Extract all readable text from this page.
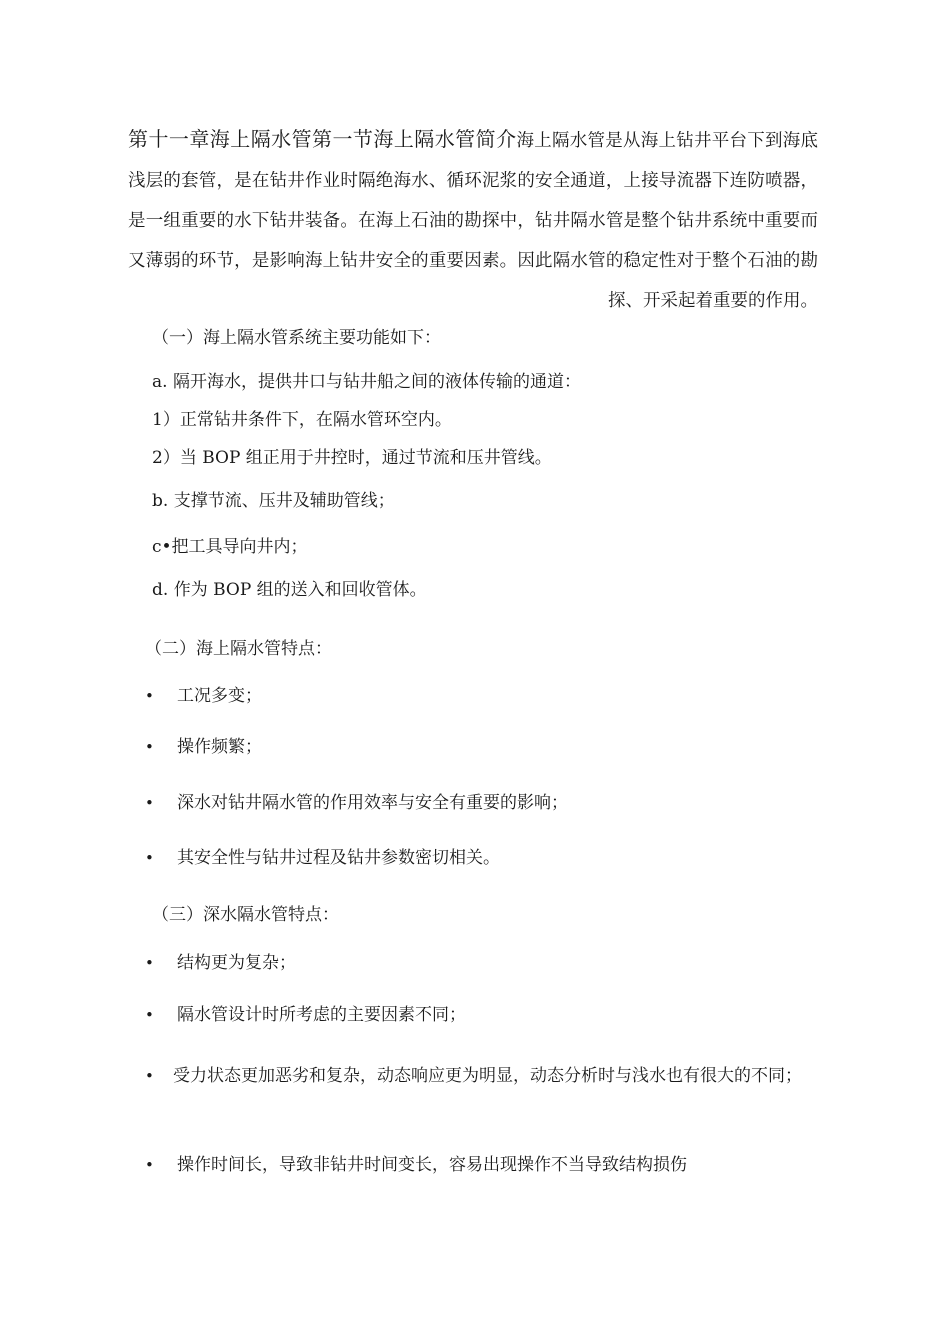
第十一章海上隔水管第一节海上隔水管简介海上隔水管是从海上钻井平台下到海底浅层的套管，是在钻井作业时隔绝海水、循环泥浆的安全通道，上接导流器下连防喷器，是一组重要的水下钻井装备。在海上石油的勘探中，钻井隔水管是整个钻井系统中重要而又薄弱的环节，是影响海上钻井安全的重要因素。因此隔水管的稳定性对于整个石油的勘探、开采起着重要的作用。
（一）海上隔水管系统主要功能如下：
a. 隔开海水，提供井口与钻井船之间的液体传输的通道：
1）正常钻井条件下，在隔水管环空内。
2）当 BOP 组正用于井控时，通过节流和压井管线。
b. 支撑节流、压井及辅助管线；
c•把工具导向井内；
d. 作为 BOP 组的送入和回收管体。
（二）海上隔水管特点：
• 工况多变；
• 操作频繁；
• 深水对钻井隔水管的作用效率与安全有重要的影响；
• 其安全性与钻井过程及钻井参数密切相关。
（三）深水隔水管特点：
• 结构更为复杂；
• 隔水管设计时所考虑的主要因素不同；
• 受力状态更加恶劣和复杂，动态响应更为明显，动态分析时与浅水也有很大的不同；
• 操作时间长，导致非钻井时间变长，容易出现操作不当导致结构损伤
